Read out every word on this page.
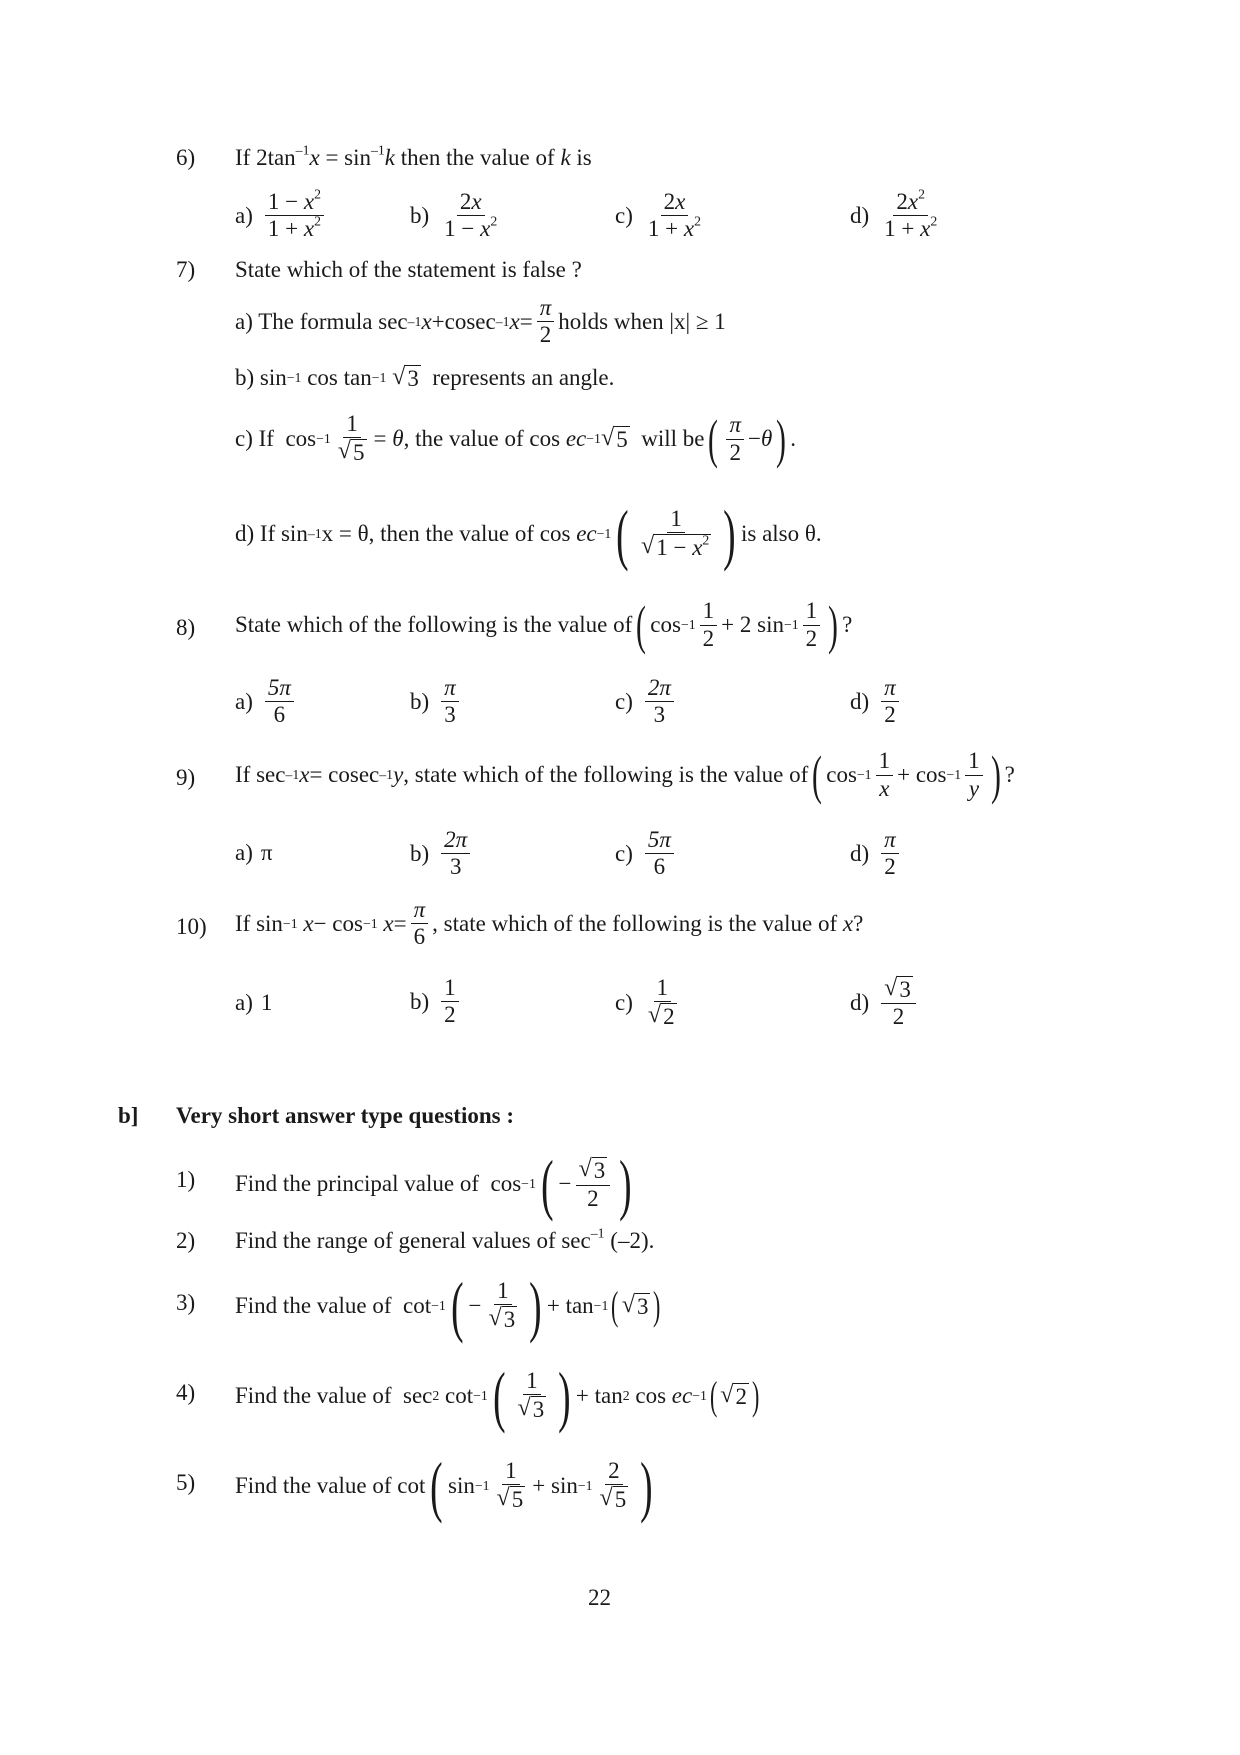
6) If $2\tan^{-1}x = \sin^{-1}k$ then the value of k is
$a) \frac{1 - x^2}{1 + x^2}$	$b) \frac{2x}{1 - x^2}$	$c) \frac{2x}{1 + x^2}$	$d) \frac{2x^2}{1 + x^2}$
7) State which of the statement is false ?
a) The formula sec –1 x +cosec –1 $x = \frac{\pi}{2}$ holds when |x| ≥ 1
b) sin −1 cos tan −1
√ 3
represents an angle.
c) If $\cos -1 \frac{1}{√ 5} = \theta$ , the value of cos ec −1 √ 5
will be ( $\frac{\pi}{2} - \theta$ ) .
d) If sin –1 x = θ, then the value of cos ec −1 ( $\frac{1}{√ 1 - x^2}$ ) is also θ.
8) State which of the following is the value of ( $\cos -1 \frac{1}{2} + 2$ $\sin -1 \frac{1}{2}$ ) ?
$a) \frac{5\pi}{6}$	$b) \frac{\pi}{3}$	$c) \frac{2\pi}{3}$	$d) \frac{\pi}{2}$
9) If sec –1 x = cosec –1 y , state which of the following is the value of ( $\cos -1 \frac{1}{x} + \cos -1 \frac{1}{y}$ ) ?
a) π	$b) \frac{2\pi}{3}$	$c) \frac{5\pi}{6}$	$d) \frac{\pi}{2}$
10) If sin −1
x − cos −1
$x = \frac{\pi}{6}$ , state which of the following is the value of
x ?
a) 1	$b) \frac{1}{2}$	$c) \frac{1}{√ 2}$	$d) \frac{√ 3}{2}$
b] Very short answer type questions :
1) Find the principal value of cos −1 ( − $\frac{√ 3}{2}$ )
2) Find the range of general values of $\sec^{-1} (-2)$.
3) Find the value of cot −1 ( − $\frac{1}{√ 3}$ ) + tan −1 ( √ 3 )
4) Find the value of sec 2 cot −1 ( $\frac{1}{√ 3}$ ) + tan 2 cos ec −1 ( √ 2 )
5) Find the value of cot ( $\sin -1 \frac{1}{√ 5} + \sin -1 \frac{2}{√ 5}$ )
22
